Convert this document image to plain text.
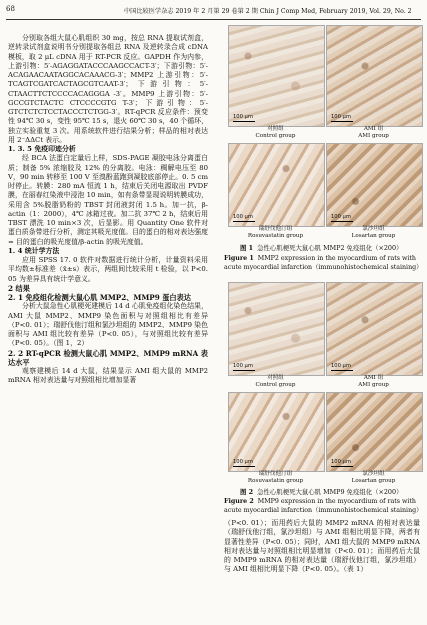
68	中国比较医学杂志 2019 年 2 月第 29 卷第 2 期 Chin J Comp Med, February 2019, Vol. 29, No. 2

分别取各组大鼠心肌组织 30 mg，按总 RNA 提取试剂盒，逆转录试剂盒说明书分别提取各组总 RNA 及逆转录合成 cDNA 模板，取 2 μL cDNA 用于 RT-PCR 反应。GAPDH 作为内参，上游引物：5′-AGAGGATACCCAAGCCACT-3′；下游引物：5′-ACAGAACAATAGGCACAAACG-3′；MMP2 上游引物：5′-TCAGTCGATCACTAGCGTCAAT-3′；下游引物：5′-CTAACTTCTCCCCACAGGGA -3′。MMP9 上游引物：5′-GCCGTCTACTC CTCCCCGTG T-3′；下游引物：5′-GTCTCTCTCCTACCCTCTGG-3′。RT-qPCR 反应条件：预变性 94℃ 30 s，变性 95℃ 15 s，退火 60℃ 30 s，40 个循环，独立实验重复 3 次。用系统软件进行结果分析；样品的相对表达用 2⁻ΔΔCt 表示。

1. 3. 5 免疫印迹分析

经 BCA 法蛋白定量后上样，SDS-PAGE 凝胶电泳分离蛋白质；制备 5% 浓缩胶及 12% 的分离胶。电泳：稠解电压至 80 V，90 min 转移至 100 V 至溴酚蓝跑到凝胶底部停止。0. 5 cm 时停止。转膜：280 mA 恒流 1 h，结束后关闭电源取出 PVDF 膜，在丽春红染液中浸泡 10 min，如有条带显现说明转膜成功，采用含 5%脱脂奶粉的 TBST 封闭液封闭 1.5 h。加一抗，β-actin（1：2000），4℃ 冰箱过夜。加二抗 37℃ 2 h，结束后用 TBST 漂洗 10 min×3 次，后显影。用 Quantity One 软件对蛋白质条带进行分析，测定其吸光度值。目的蛋白的相对表达强度 = 目的蛋白的吸光度值/β-actin 的吸光度值。

1. 4 统计学方法

应用 SPSS 17. 0 软件对数据进行统计分析，计量资料采用平均数±标准差（x̄±s）表示，两组间比较采用 t 检验，以 P<0. 05 为差异具有统计学意义。

2 结果

2. 1 免疫组化检测大鼠心肌 MMP2、MMP9 蛋白表达

分析大鼠急性心肌梗死建模后 14 d 心肌免疫组化染色结果，AMI 大鼠 MMP2、MMP9 染色面积与对照组相比有差异（P<0. 01）；瑞舒伐他汀组和氯沙坦组的 MMP2、MMP9 染色面积与 AMI 组比较有差异（P<0. 05），与对照组比较有差异（P<0. 05）。（图 1，2）

2. 2 RT-qPCR 检测大鼠心肌 MMP2、MMP9 mRNA 表达水平

观察建模后 14 d 大鼠，结果显示 AMI 组大鼠的 MMP2 mRNA 相对表达量与对照组相比增加显著

100 μm	100 μm
对照组
Control group
AMI 组
AMI group
100 μm	100 μm
瑞舒伐他汀组
Rosuvastatin group
氯沙坦组
Losartan group
图 1 急性心肌梗死大鼠心肌 MMP2 免疫组化（×200）
Figure 1 MMP2 expression in the myocardium of rats with acute myocardial infarction（immunohistochemical staining）
100 μm	100 μm
对照组
Control group
AMI 组
AMI group
100 μm	100 μm
瑞舒伐他汀组
Rosuvastatin group
氯沙坦组
Losartan group
图 2 急性心肌梗死大鼠心肌 MMP9 免疫组化（×200）
Figure 2 MMP9 expression in the myocardium of rats with acute myocardial infarction（immunohistochemical staining）

（P<0. 01）；而用药后大鼠的 MMP2 mRNA 的相对表达量（瑞舒伐他汀组，氯沙坦组）与 AMI 组相比明显下降，两者有显著性差异（P<0. 05）；同时，AMI 组大鼠的 MMP9 mRNA 相对表达量与对照组相比明显增加（P<0. 01）；而用药后大鼠的 MMP9 mRNA 的相对表达量（瑞舒伐他汀组，氯沙坦组）与 AMI 组相比明显下降（P<0. 05）。（表 1）
